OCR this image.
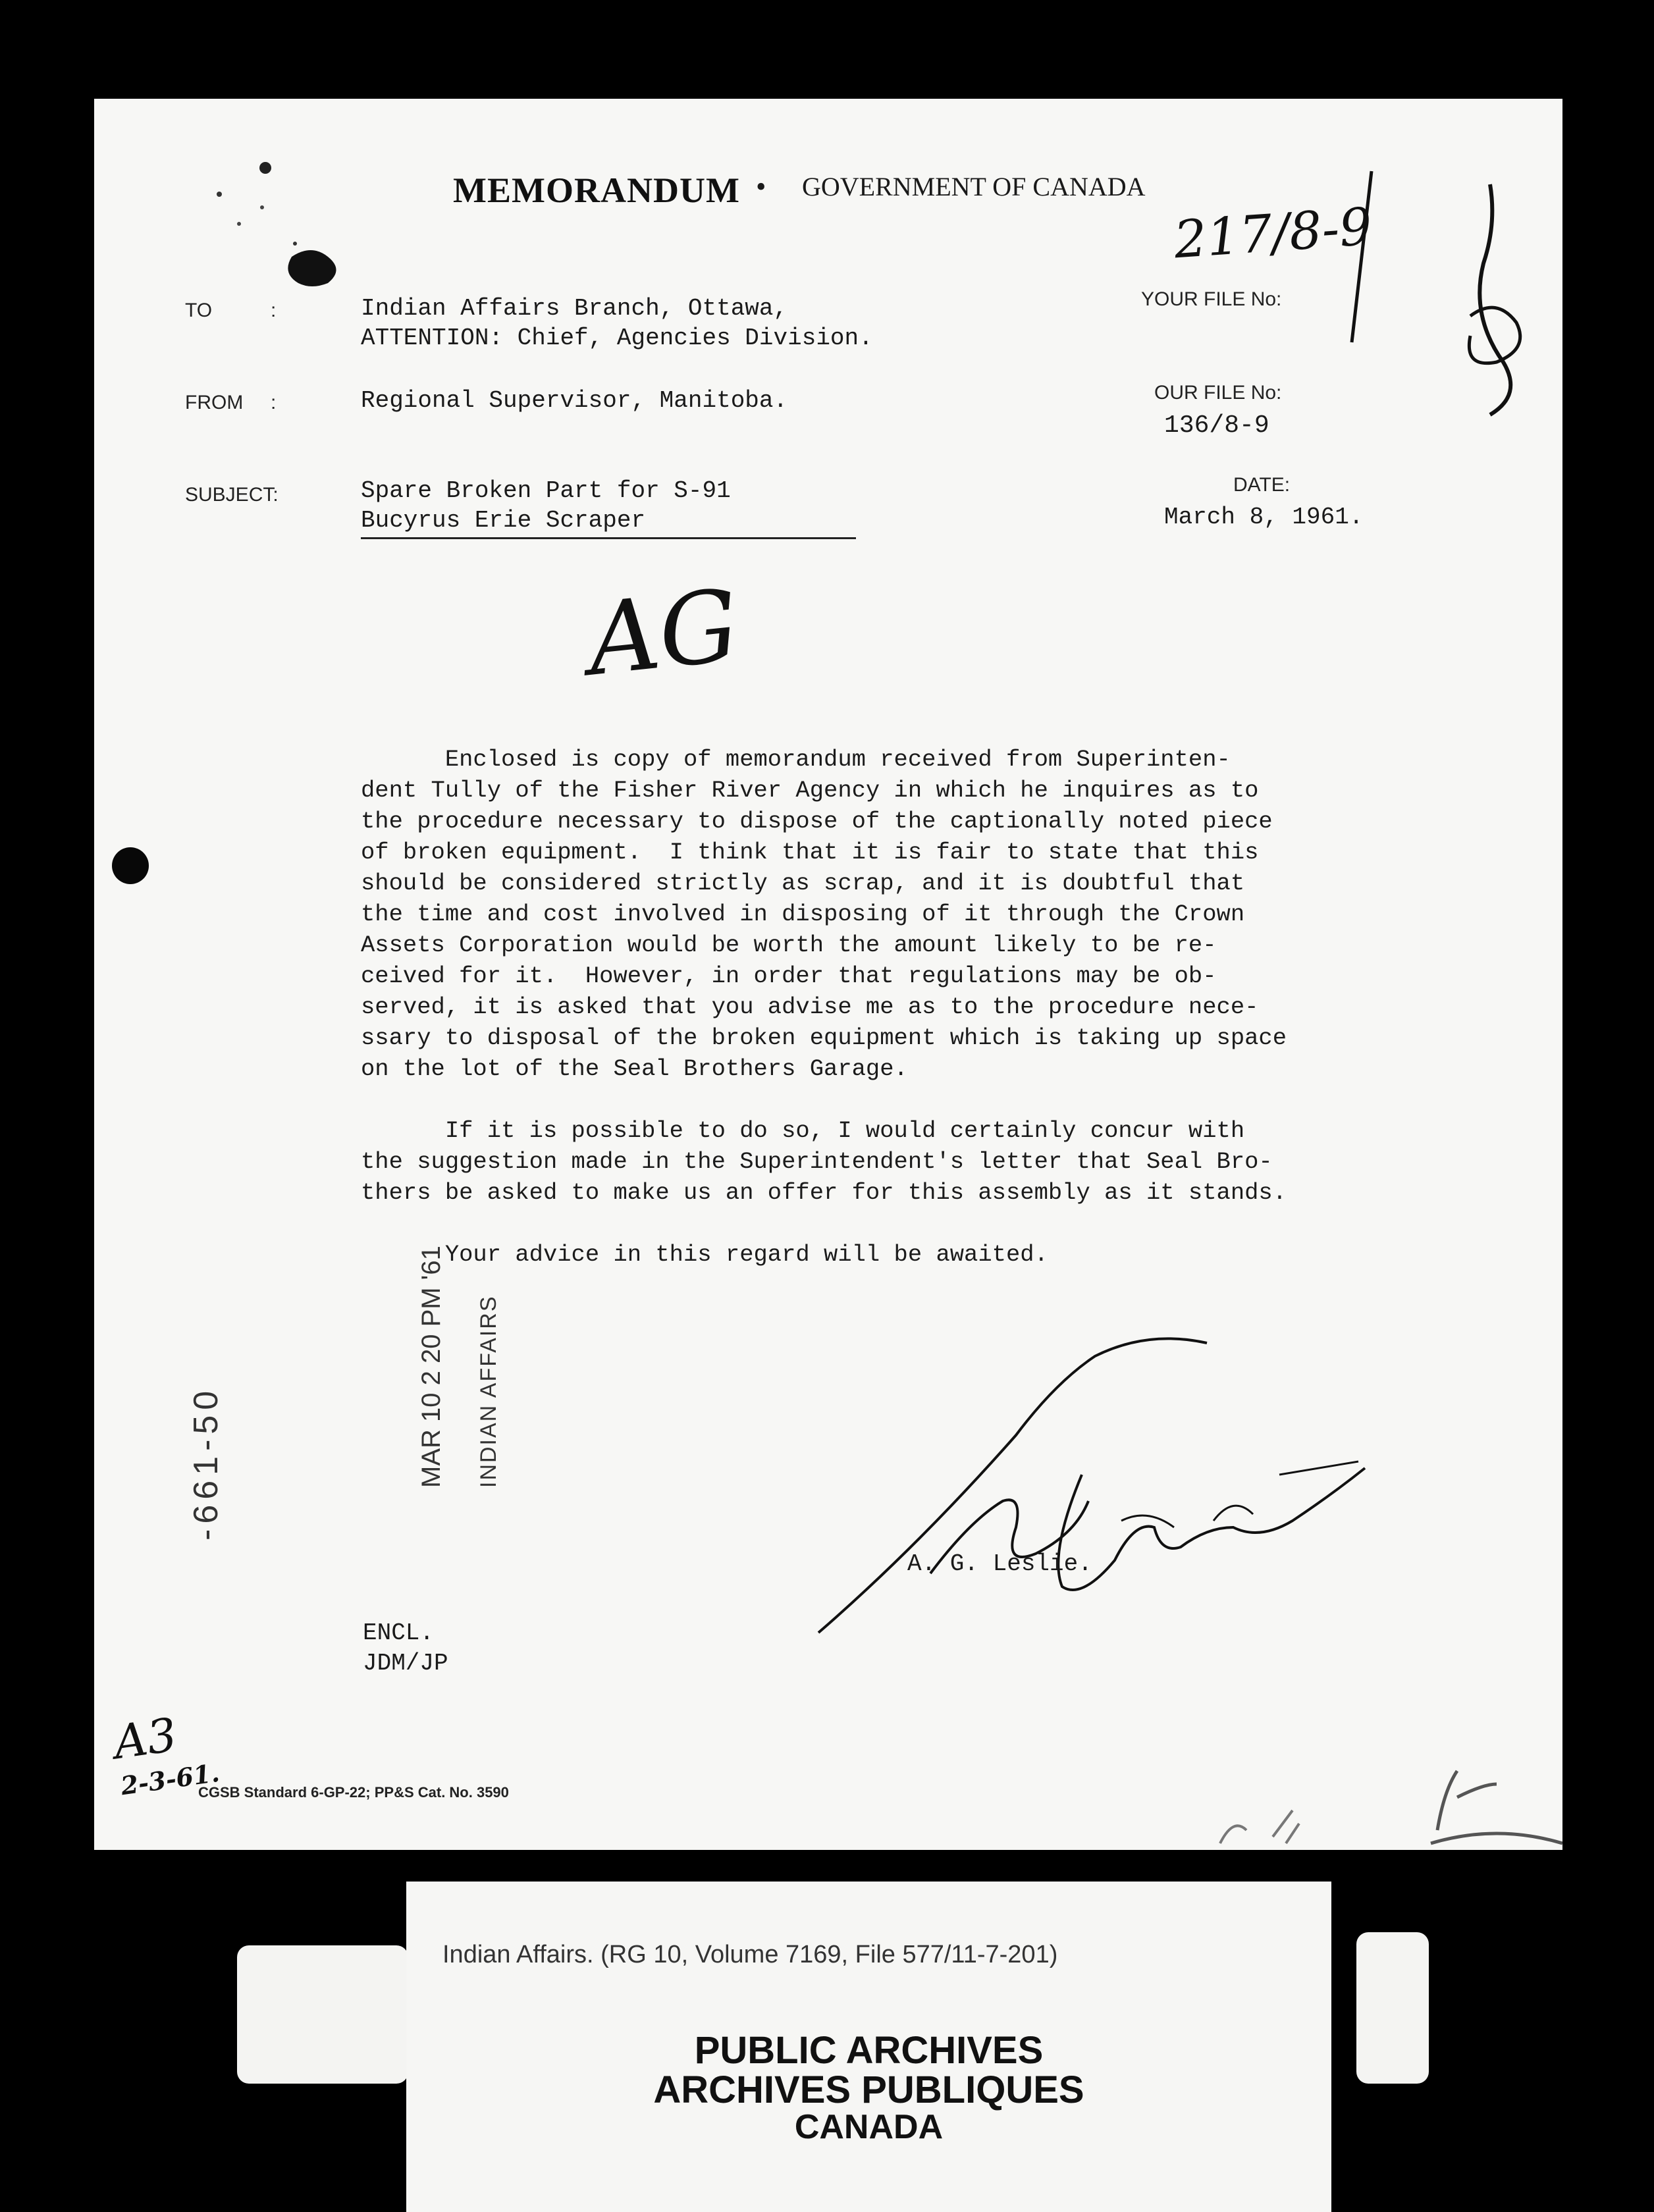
MEMORANDUM • GOVERNMENT OF CANADA
217/8-9
TO	:	Indian Affairs Branch, Ottawa,
ATTENTION: Chief, Agencies Division.
YOUR FILE No:
FROM :	Regional Supervisor, Manitoba.	OUR FILE No:
136/8-9
SUBJECT:	Spare Broken Part for S-91
Bucyrus Erie Scraper
DATE:
March 8, 1961.
AG
Enclosed is copy of memorandum received from Superinten-
dent Tully of the Fisher River Agency in which he inquires as to
the procedure necessary to dispose of the captionally noted piece
of broken equipment.  I think that it is fair to state that this
should be considered strictly as scrap, and it is doubtful that
the time and cost involved in disposing of it through the Crown
Assets Corporation would be worth the amount likely to be re-
ceived for it.  However, in order that regulations may be ob-
served, it is asked that you advise me as to the procedure nece-
ssary to disposal of the broken equipment which is taking up space
on the lot of the Seal Brothers Garage.
If it is possible to do so, I would certainly concur with
the suggestion made in the Superintendent's letter that Seal Bro-
thers be asked to make us an offer for this assembly as it stands.
Your advice in this regard will be awaited.
MAR 10 2 20 PM '61 INDIAN AFFAIRS
-661-50
A. G. Leslie.
ENCL.
JDM/JP
A3
2-3-61.
CGSB Standard 6-GP-22; PP&S Cat. No. 3590
Indian Affairs. (RG 10, Volume 7169, File 577/11-7-201)
PUBLIC ARCHIVES
ARCHIVES PUBLIQUES
CANADA
